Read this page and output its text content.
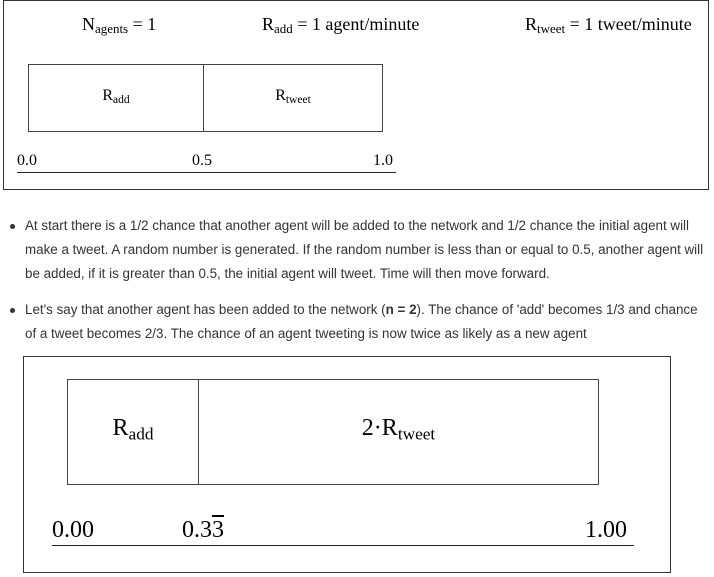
$N_{agents} = 1$	$R_{add} = 1$ agent/minute	$R_{tweet} = 1$ tweet/minute
$R_{add}$	$R_{tweet}$
0.0	0.5	1.0
At start there is a 1/2 chance that another agent will be added to the network and 1/2 chance the initial agent will make a tweet. A random number is generated. If the random number is less than or equal to 0.5, another agent will be added, if it is greater than 0.5, the initial agent will tweet. Time will then move forward.
Let's say that another agent has been added to the network (n = 2). The chance of 'add' becomes 1/3 and chance of a tweet becomes 2/3. The chance of an agent tweeting is now twice as likely as a new agent
$R_{add}$	$2\cdot R_{tweet}$
0.00	0.33	1.00
